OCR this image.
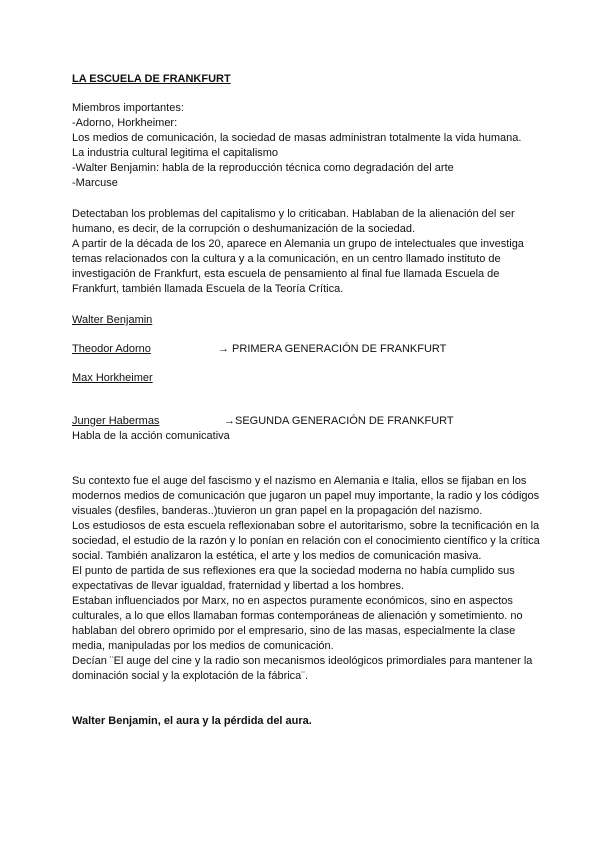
LA ESCUELA DE FRANKFURT

Miembros importantes:

-Adorno, Horkheimer:

Los medios de comunicación, la sociedad de masas administran totalmente la vida humana.

La industria cultural legitima el capitalismo

-Walter Benjamin: habla de la reproducción técnica como degradación del arte

-Marcuse

Detectaban los problemas del capitalismo y lo criticaban. Hablaban de la alienación del ser humano, es decir, de la corrupción o deshumanización de la sociedad.

A partir de la década de los 20, aparece en Alemania un grupo de intelectuales que investiga temas relacionados con la cultura y a la comunicación, en un centro llamado instituto de investigación de Frankfurt, esta escuela de pensamiento al final fue llamada Escuela de Frankfurt, también llamada Escuela de la Teoría Crítica.

Walter Benjamin

Theodor Adorno	→ PRIMERA GENERACIÓN DE FRANKFURT

Max Horkheimer

Junger Habermas	→SEGUNDA GENERACIÓN DE FRANKFURT

Habla de la acción comunicativa

Su contexto fue el auge del fascismo y el nazismo en Alemania e Italia, ellos se fijaban en los modernos medios de comunicación que jugaron un papel muy importante, la radio y los códigos visuales (desfiles, banderas..)tuvieron un gran papel en la propagación del nazismo.

Los estudiosos de esta escuela reflexionaban sobre el autoritarismo, sobre la tecnificación en la sociedad, el estudio de la razón y lo ponían en relación con el conocimiento científico y la crítica social. También analizaron la estética, el arte y los medios de comunicación masiva.

El punto de partida de sus reflexiones era que la sociedad moderna no había cumplido sus expectativas de llevar igualdad, fraternidad y libertad a los hombres.

Estaban influenciados por Marx, no en aspectos puramente económicos, sino en aspectos culturales, a lo que ellos llamaban formas contemporáneas de alienación y sometimiento. no hablaban del obrero oprimido por el empresario, sino de las masas, especialmente la clase media, manipuladas por los medios de comunicación.

Decían ¨El auge del cine y la radio son mecanismos ideológicos primordiales para mantener la dominación social y la explotación de la fábrica¨.

Walter Benjamin, el aura y la pérdida del aura.
